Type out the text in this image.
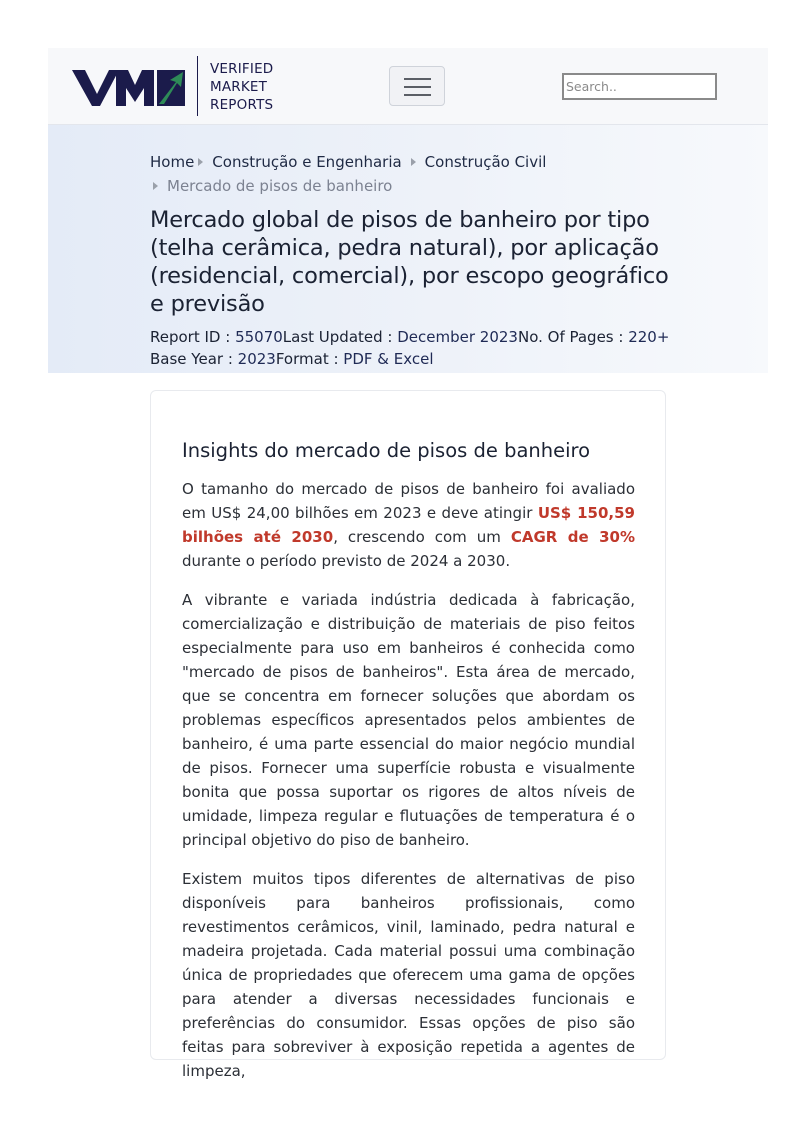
VERIFIED
MARKET
REPORTS
Search..
Home Construção e Engenharia Construção Civil
Mercado de pisos de banheiro
Mercado global de pisos de banheiro por tipo (telha cerâmica, pedra natural), por aplicação (residencial, comercial), por escopo geográfico e previsão
Report ID : 55070Last Updated : December 2023No. Of Pages : 220+
Base Year : 2023Format : PDF & Excel
Insights do mercado de pisos de banheiro

O tamanho do mercado de pisos de banheiro foi avaliado em US$ 24,00 bilhões em 2023 e deve atingir US$ 150,59 bilhões até 2030, crescendo com um CAGR de 30% durante o período previsto de 2024 a 2030.

A vibrante e variada indústria dedicada à fabricação, comercialização e distribuição de materiais de piso feitos especialmente para uso em banheiros é conhecida como "mercado de pisos de banheiros". Esta área de mercado, que se concentra em fornecer soluções que abordam os problemas específicos apresentados pelos ambientes de banheiro, é uma parte essencial do maior negócio mundial de pisos. Fornecer uma superfície robusta e visualmente bonita que possa suportar os rigores de altos níveis de umidade, limpeza regular e flutuações de temperatura é o principal objetivo do piso de banheiro.

Existem muitos tipos diferentes de alternativas de piso disponíveis para banheiros profissionais, como revestimentos cerâmicos, vinil, laminado, pedra natural e madeira projetada. Cada material possui uma combinação única de propriedades que oferecem uma gama de opções para atender a diversas necessidades funcionais e preferências do consumidor. Essas opções de piso são feitas para sobreviver à exposição repetida a agentes de limpeza,
